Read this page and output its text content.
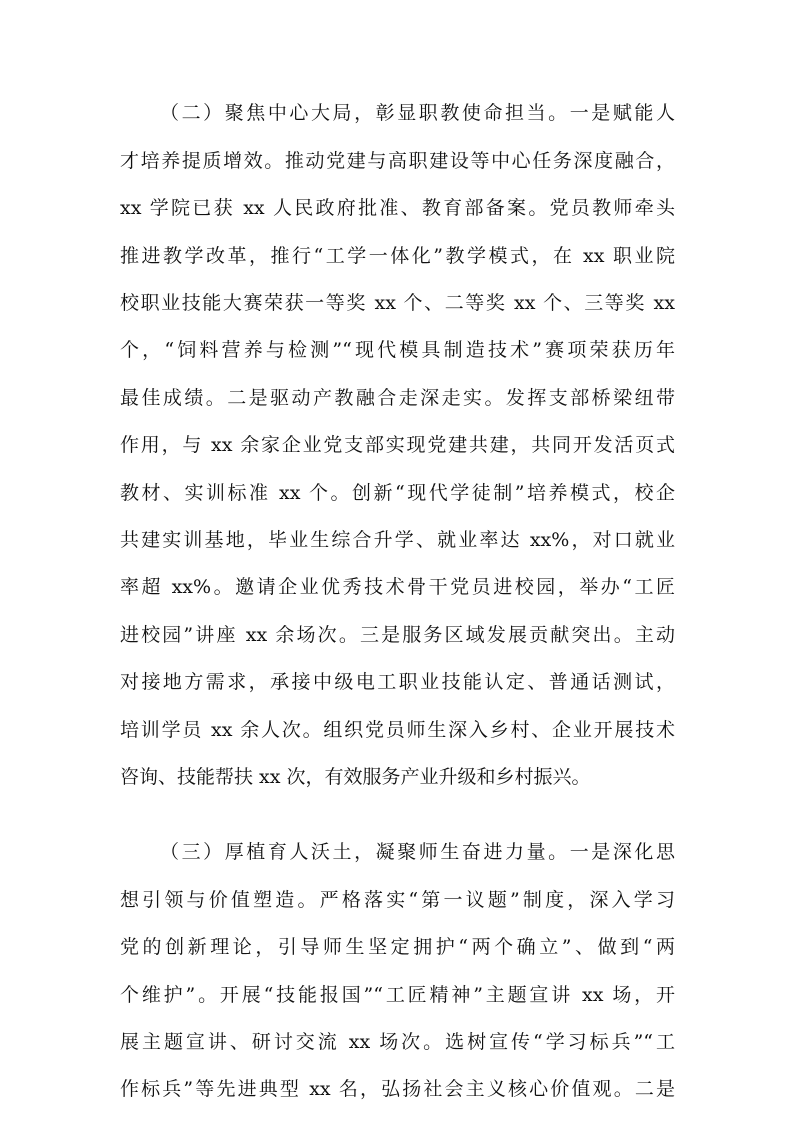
（二）聚焦中心大局，彰显职教使命担当。一是赋能人
才培养提质增效。推动党建与高职建设等中心任务深度融合，
xx 学院已获 xx 人民政府批准、教育部备案。党员教师牵头
推进教学改革，推行“工学一体化”教学模式，在 xx 职业院
校职业技能大赛荣获一等奖 xx 个、二等奖 xx 个、三等奖 xx
个，“饲料营养与检测”“现代模具制造技术”赛项荣获历年
最佳成绩。二是驱动产教融合走深走实。发挥支部桥梁纽带
作用，与 xx 余家企业党支部实现党建共建，共同开发活页式
教材、实训标准 xx 个。创新“现代学徒制”培养模式，校企
共建实训基地，毕业生综合升学、就业率达 xx%，对口就业
率超 xx%。邀请企业优秀技术骨干党员进校园，举办“工匠
进校园”讲座 xx 余场次。三是服务区域发展贡献突出。主动
对接地方需求，承接中级电工职业技能认定、普通话测试，
培训学员 xx 余人次。组织党员师生深入乡村、企业开展技术
咨询、技能帮扶 xx 次，有效服务产业升级和乡村振兴。
（三）厚植育人沃土，凝聚师生奋进力量。一是深化思
想引领与价值塑造。严格落实“第一议题”制度，深入学习
党的创新理论，引导师生坚定拥护“两个确立”、做到“两
个维护”。开展“技能报国”“工匠精神”主题宣讲 xx 场，开
展主题宣讲、研讨交流 xx 场次。选树宣传“学习标兵”“工
作标兵”等先进典型 xx 名，弘扬社会主义核心价值观。二是
